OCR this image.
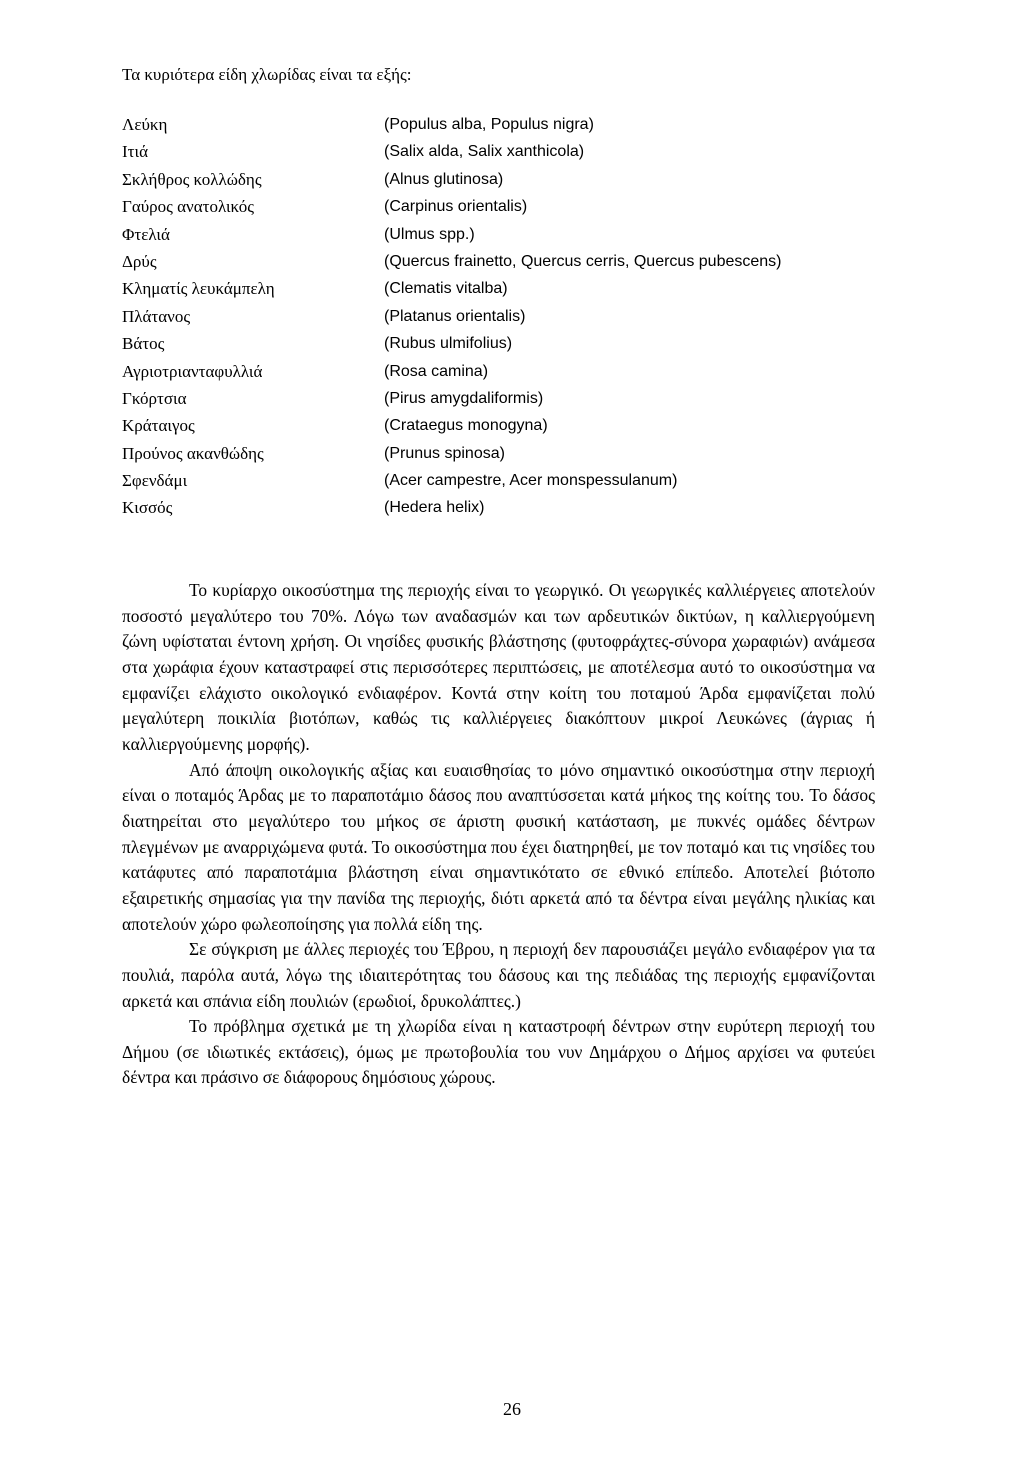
Τα κυριότερα είδη χλωρίδας είναι τα εξής:
Λεύκη	(Populus alba, Populus nigra)
Ιτιά	(Salix alda, Salix xanthicola)
Σκλήθρος κολλώδης	(Alnus glutinosa)
Γαύρος ανατολικός	(Carpinus orientalis)
Φτελιά	(Ulmus spp.)
Δρύς	(Quercus frainetto, Quercus cerris, Quercus pubescens)
Κληματίς λευκάμπελη	(Clematis vitalba)
Πλάτανος	(Platanus orientalis)
Βάτος	(Rubus ulmifolius)
Αγριοτριανταφυλλιά	(Rosa camina)
Γκόρτσια	(Pirus amygdaliformis)
Κράταιγος	(Crataegus monogyna)
Προύνος ακανθώδης	(Prunus spinosa)
Σφενδάμι	(Acer campestre, Acer monspessulanum)
Κισσός	(Hedera helix)

Το κυρίαρχο οικοσύστημα της περιοχής είναι το γεωργικό. Οι γεωργικές καλλιέργειες αποτελούν ποσοστό μεγαλύτερο του 70%. Λόγω των αναδασμών και των αρδευτικών δικτύων, η καλλιεργούμενη ζώνη υφίσταται έντονη χρήση. Οι νησίδες φυσικής βλάστησης (φυτοφράχτες-σύνορα χωραφιών) ανάμεσα στα χωράφια έχουν καταστραφεί στις περισσότερες περιπτώσεις, με αποτέλεσμα αυτό το οικοσύστημα να εμφανίζει ελάχιστο οικολογικό ενδιαφέρον. Κοντά στην κοίτη του ποταμού Άρδα εμφανίζεται πολύ μεγαλύτερη ποικιλία βιοτόπων, καθώς τις καλλιέργειες διακόπτουν μικροί Λευκώνες (άγριας ή καλλιεργούμενης μορφής).

Από άποψη οικολογικής αξίας και ευαισθησίας το μόνο σημαντικό οικοσύστημα στην περιοχή είναι ο ποταμός Άρδας με το παραποτάμιο δάσος που αναπτύσσεται κατά μήκος της κοίτης του. Το δάσος διατηρείται στο μεγαλύτερο του μήκος σε άριστη φυσική κατάσταση, με πυκνές ομάδες δέντρων πλεγμένων με αναρριχώμενα φυτά. Το οικοσύστημα που έχει διατηρηθεί, με τον ποταμό και τις νησίδες του κατάφυτες από παραποτάμια βλάστηση είναι σημαντικότατο σε εθνικό επίπεδο. Αποτελεί βιότοπο εξαιρετικής σημασίας για την πανίδα της περιοχής, διότι αρκετά από τα δέντρα είναι μεγάλης ηλικίας και αποτελούν χώρο φωλεοποίησης για πολλά είδη της.

Σε σύγκριση με άλλες περιοχές του Έβρου, η περιοχή δεν παρουσιάζει μεγάλο ενδιαφέρον για τα πουλιά, παρόλα αυτά, λόγω της ιδιαιτερότητας του δάσους και της πεδιάδας της περιοχής εμφανίζονται αρκετά και σπάνια είδη πουλιών (ερωδιοί, δρυκολάπτες.)

Το πρόβλημα σχετικά με τη χλωρίδα είναι η καταστροφή δέντρων στην ευρύτερη περιοχή του Δήμου (σε ιδιωτικές εκτάσεις), όμως με πρωτοβουλία του νυν Δημάρχου ο Δήμος αρχίσει να φυτεύει δέντρα και πράσινο σε διάφορους δημόσιους χώρους.

26
